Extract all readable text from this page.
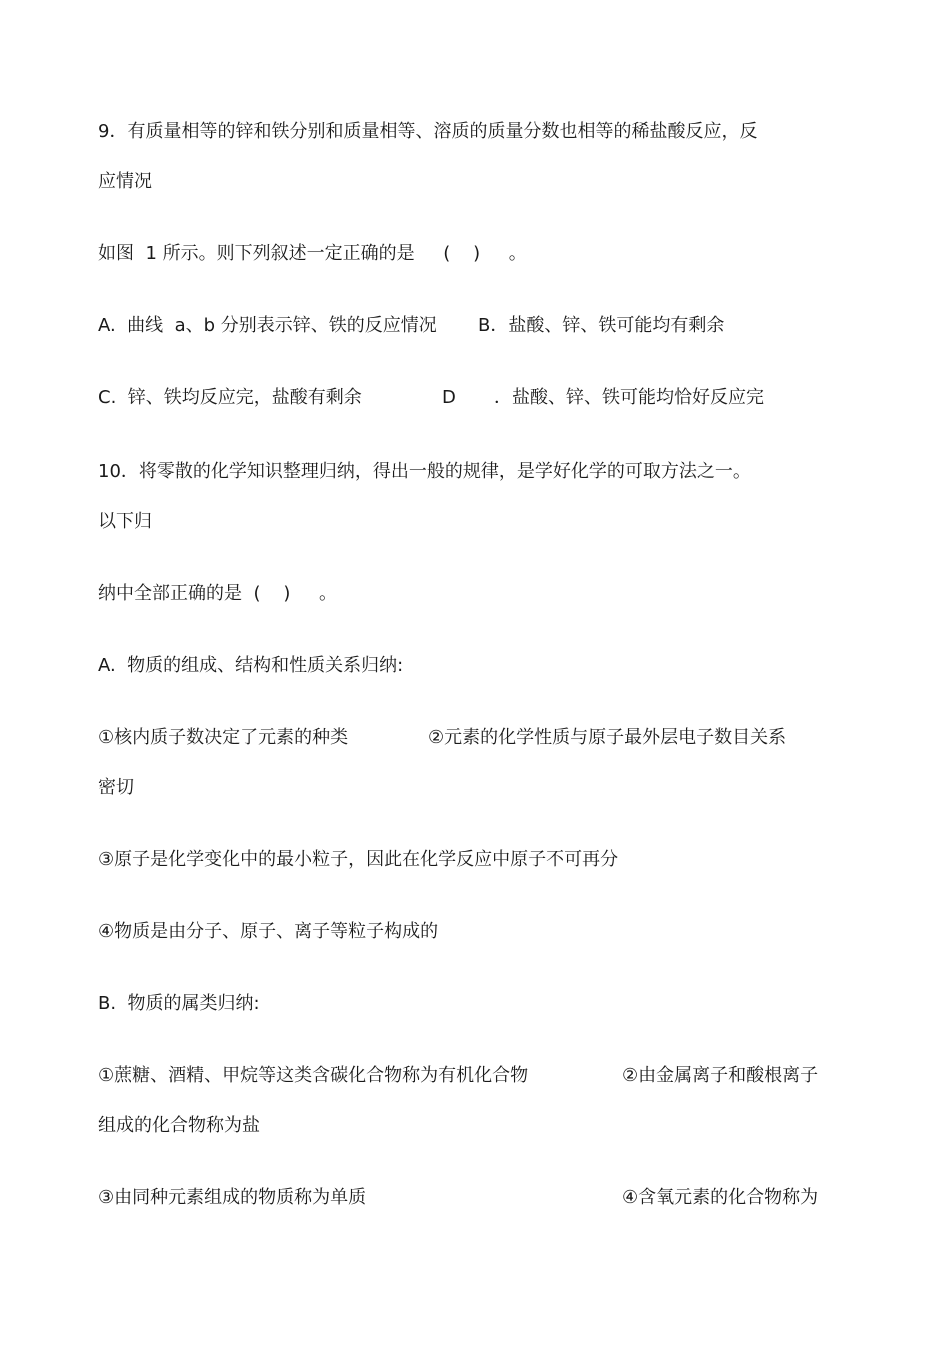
9．有质量相等的锌和铁分别和质量相等、溶质的质量分数也相等的稀盐酸反应，反

应情况

如图  1 所示。则下列叙述一定正确的是     (    )     。

A.  曲线  a、b 分别表示锌、铁的反应情况 B．盐酸、锌、铁可能均有剩余

C.  锌、铁均反应完，盐酸有剩余	D ．盐酸、锌、铁可能均恰好反应完

10．将零散的化学知识整理归纳，得出一般的规律，是学好化学的可取方法之一。

以下归

纳中全部正确的是  (    )     。

A.  物质的组成、结构和性质关系归纳:

①核内质子数决定了元素的种类	②元素的化学性质与原子最外层电子数目关系

密切

③原子是化学变化中的最小粒子，因此在化学反应中原子不可再分

④物质是由分子、原子、离子等粒子构成的

B.  物质的属类归纳:

①蔗糖、酒精、甲烷等这类含碳化合物称为有机化合物	②由金属离子和酸根离子

组成的化合物称为盐

③由同种元素组成的物质称为单质	④含氧元素的化合物称为
